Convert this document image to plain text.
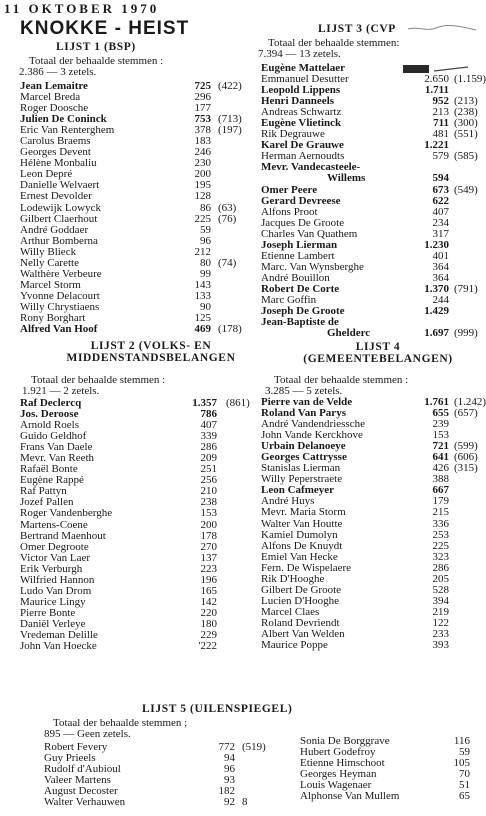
11 OKTOBER 1970
KNOKKE - HEIST
LIJST 1 (BSP)
Totaal der behaalde stemmen :
2.386 — 3 zetels.
Jean Lemaitre	725 (422)
Marcel Breda	296
Roger Doosche	177
Julien De Coninck	753 (713)
Eric Van Renterghem	378 (197)
Carolus Braems	183
Georges Devent	246
Hélène Monbaliu	230
Leon Depré	200
Danielle Welvaert	195
Ernest Devolder	128
Lodewijk Lowyck	86 (63)
Gilbert Claerhout	225 (76)
André Goddaer	59
Arthur Bomberna	96
Willy Blieck	212
Nelly Carette	80 (74)
Walthère Verbeure	99
Marcel Storm	143
Yvonne Delacourt	133
Willy Chrystiaens	90
Rony Borghart	125
Alfred Van Hoof	469 (178)
LIJST 2 (VOLKS- EN
MIDDENSTANDSBELANGEN
Totaal der behaalde stemmen :
1.921 — 2 zetels.
Raf Declercq	1.357 (861)
Jos. Deroose	786
Arnold Roels	407
Guido Geldhof	339
Frans Van Daele	286
Mevr. Van Reeth	209
Rafaël Bonte	251
Eugène Rappé	256
Raf Pattyn	210
Jozef Pallen	238
Roger Vandenberghe	153
Martens-Coene	200
Bertrand Maenhout	178
Omer Degroote	270
Victor Van Laer	137
Erik Verburgh	223
Wilfried Hannon	196
Ludo Van Drom	165
Maurice Lingy	142
Pierre Bonte	220
Daniël Verleye	180
Vredeman Delille	229
John Van Hoecke	'222
LIJST 3 (CVP
Totaal der behaalde stemmen:
7.394 — 13 zetels.
Eugène Mattelaer
Emmanuel Desutter	2.650 (1.159)
Leopold Lippens	1.711
Henri Danneels	952 (213)
Andreas Schwartz	213 (238)
Eugène Vlietinck	711 (300)
Rik Degrauwe	481 (551)
Karel De Grauwe	1.221
Herman Aernoudts	579 (585)
Mevr. Vandecasteele-
Willems	594
Omer Peere	673 (549)
Gerard Devreese	622
Alfons Proot	407
Jacques De Groote	234
Charles Van Quathem	317
Joseph Lierman	1.230
Etienne Lambert	401
Marc. Van Wynsberghe	364
André Bouillon	364
Robert De Corte	1.370 (791)
Marc Goffin	244
Joseph De Groote	1.429
Jean-Baptiste de
Ghelderc	1.697 (999)
LIJST 4
(GEMEENTEBELANGEN)
Totaal der behaalde stemmen :
3.285 — 5 zetels.
Pierre van de Velde	1.761 (1.242)
Roland Van Parys	655 (657)
André Vandendriessche	239
John Vande Kerckhove	153
Urbain Delanoeye	721 (599)
Georges Cattrysse	641 (606)
Stanislas Lierman	426 (315)
Willy Peperstraete	388
Leon Cafmeyer	667
André Huys	179
Mevr. Maria Storm	215
Walter Van Houtte	336
Kamiel Dumolyn	253
Alfons De Knuydt	225
Emiel Van Hecke	323
Fern. De Wispelaere	286
Rik D'Hooghe	205
Gilbert De Groote	528
Lucien D'Hooghe	394
Marcel Claes	219
Roland Devriendt	122
Albert Van Welden	233
Maurice Poppe	393
LIJST 5 (UILENSPIEGEL)
Totaal der behaalde stemmen ;
895 — Geen zetels.
Robert Fevery	772 (519)
Guy Prieels	94
Rudolf d'Aubioul	96
Valeer Martens	93
August Decoster	182
Walter Verhauwen	92 8
Sonia De Borggrave	116
Hubert Godefroy	59
Etienne Himschoot	105
Georges Heyman	70
Louis Wagenaer	51
Alphonse Van Mullem	65
